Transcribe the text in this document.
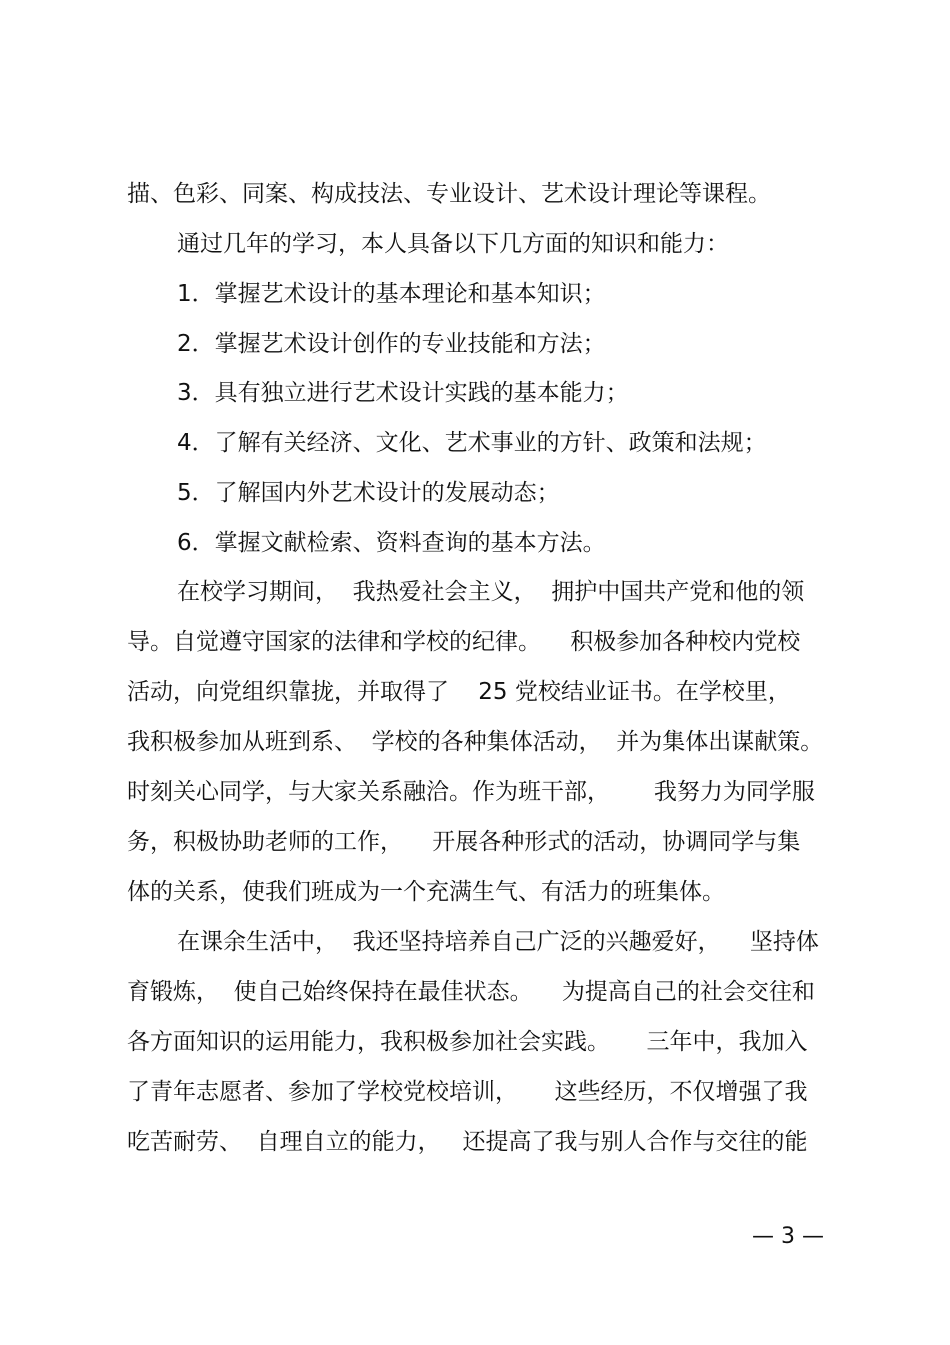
描、色彩、同案、构成技法、专业设计、艺术设计理论等课程。
通过几年的学习，本人具备以下几方面的知识和能力：
1．掌握艺术设计的基本理论和基本知识；
2．掌握艺术设计创作的专业技能和方法；
3．具有独立进行艺术设计实践的基本能力；
4．了解有关经济、文化、艺术事业的方针、政策和法规；
5．了解国内外艺术设计的发展动态；
6．掌握文献检索、资料查询的基本方法。
在校学习期间，  我热爱社会主义，  拥护中国共产党和他的领
导。自觉遵守国家的法律和学校的纪律。    积极参加各种校内党校
活动，向党组织靠拢，并取得了    25 党校结业证书。在学校里，
我积极参加从班到系、  学校的各种集体活动，  并为集体出谋献策。
时刻关心同学，与大家关系融洽。作为班干部，      我努力为同学服
务，积极协助老师的工作，    开展各种形式的活动，协调同学与集
体的关系，使我们班成为一个充满生气、有活力的班集体。
在课余生活中，  我还坚持培养自己广泛的兴趣爱好，    坚持体
育锻炼，  使自己始终保持在最佳状态。    为提高自己的社会交往和
各方面知识的运用能力，我积极参加社会实践。     三年中，我加入
了青年志愿者、参加了学校党校培训，     这些经历，不仅增强了我
吃苦耐劳、  自理自立的能力，   还提高了我与别人合作与交往的能
— 3 —
